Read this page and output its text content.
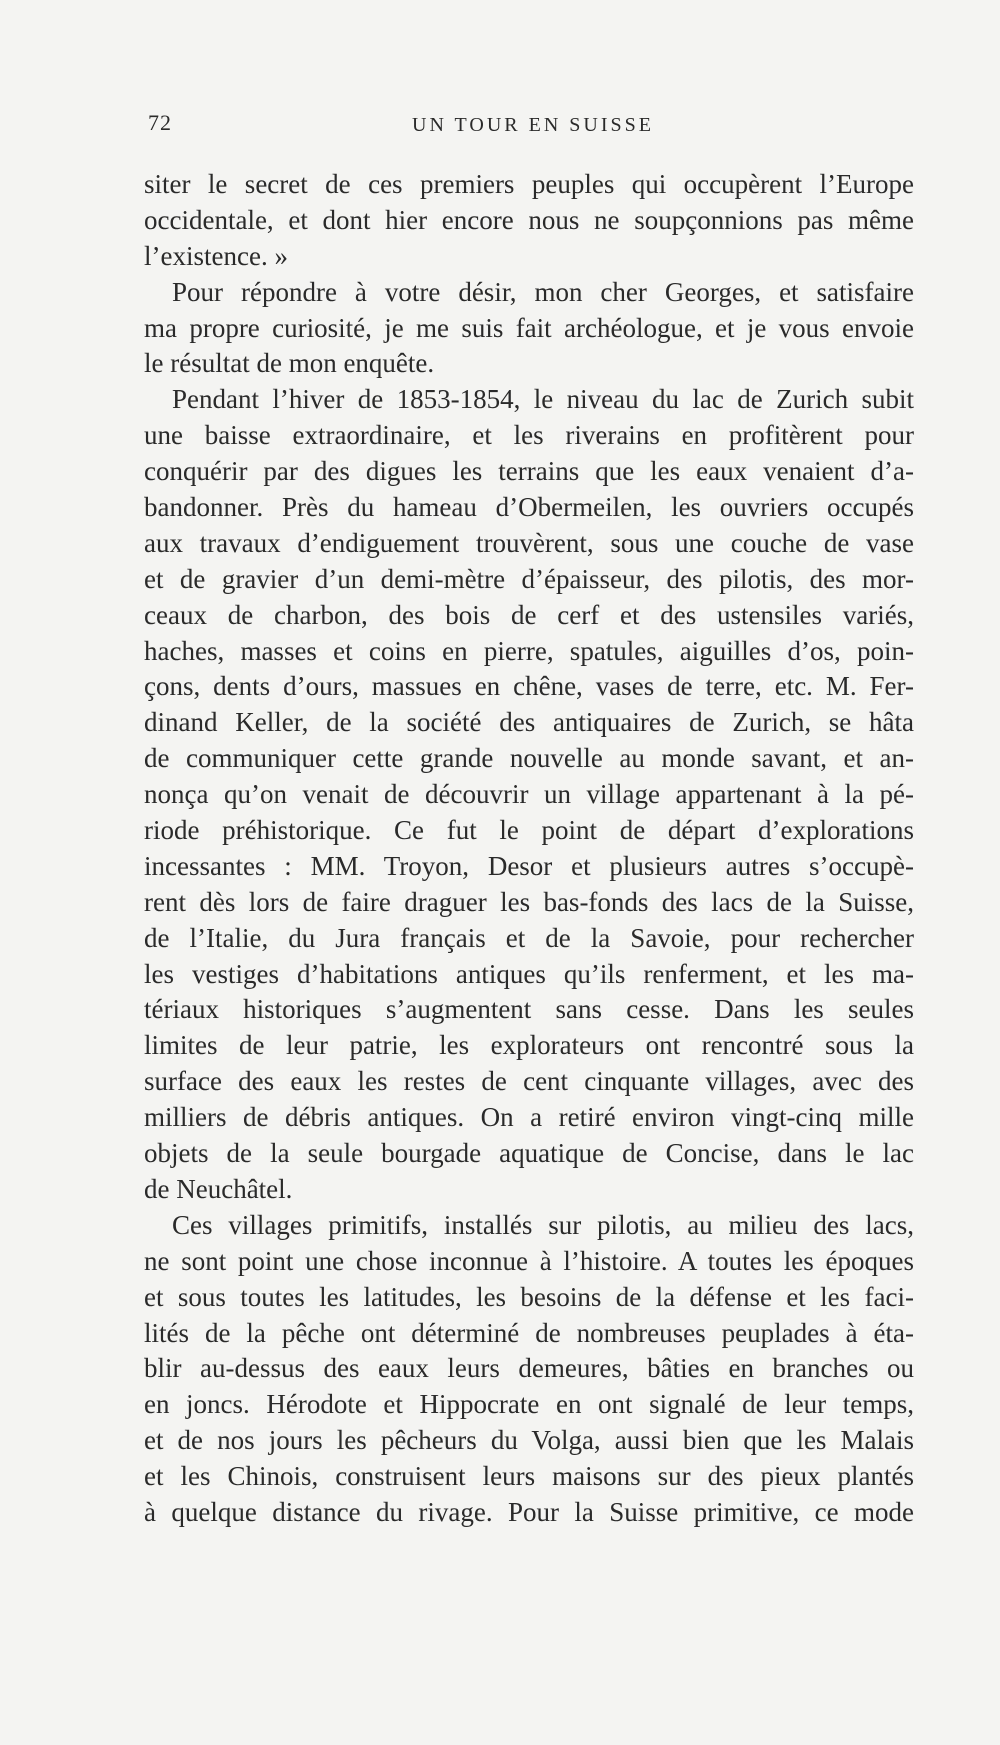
72	UN TOUR EN SUISSE
siter le secret de ces premiers peuples qui occupèrent l’Europe
occidentale, et dont hier encore nous ne soupçonnions pas même
l’existence. »
Pour répondre à votre désir, mon cher Georges, et satisfaire
ma propre curiosité, je me suis fait archéologue, et je vous envoie
le résultat de mon enquête.
Pendant l’hiver de 1853-1854, le niveau du lac de Zurich subit
une baisse extraordinaire, et les riverains en profitèrent pour
conquérir par des digues les terrains que les eaux venaient d’a-
bandonner. Près du hameau d’Obermeilen, les ouvriers occupés
aux travaux d’endiguement trouvèrent, sous une couche de vase
et de gravier d’un demi-mètre d’épaisseur, des pilotis, des mor-
ceaux de charbon, des bois de cerf et des ustensiles variés,
haches, masses et coins en pierre, spatules, aiguilles d’os, poin-
çons, dents d’ours, massues en chêne, vases de terre, etc. M. Fer-
dinand Keller, de la société des antiquaires de Zurich, se hâta
de communiquer cette grande nouvelle au monde savant, et an-
nonça qu’on venait de découvrir un village appartenant à la pé-
riode préhistorique. Ce fut le point de départ d’explorations
incessantes : MM. Troyon, Desor et plusieurs autres s’occupè-
rent dès lors de faire draguer les bas-fonds des lacs de la Suisse,
de l’Italie, du Jura français et de la Savoie, pour rechercher
les vestiges d’habitations antiques qu’ils renferment, et les ma-
tériaux historiques s’augmentent sans cesse. Dans les seules
limites de leur patrie, les explorateurs ont rencontré sous la
surface des eaux les restes de cent cinquante villages, avec des
milliers de débris antiques. On a retiré environ vingt-cinq mille
objets de la seule bourgade aquatique de Concise, dans le lac
de Neuchâtel.
Ces villages primitifs, installés sur pilotis, au milieu des lacs,
ne sont point une chose inconnue à l’histoire. A toutes les époques
et sous toutes les latitudes, les besoins de la défense et les faci-
lités de la pêche ont déterminé de nombreuses peuplades à éta-
blir au-dessus des eaux leurs demeures, bâties en branches ou
en joncs. Hérodote et Hippocrate en ont signalé de leur temps,
et de nos jours les pêcheurs du Volga, aussi bien que les Malais
et les Chinois, construisent leurs maisons sur des pieux plantés
à quelque distance du rivage. Pour la Suisse primitive, ce mode
